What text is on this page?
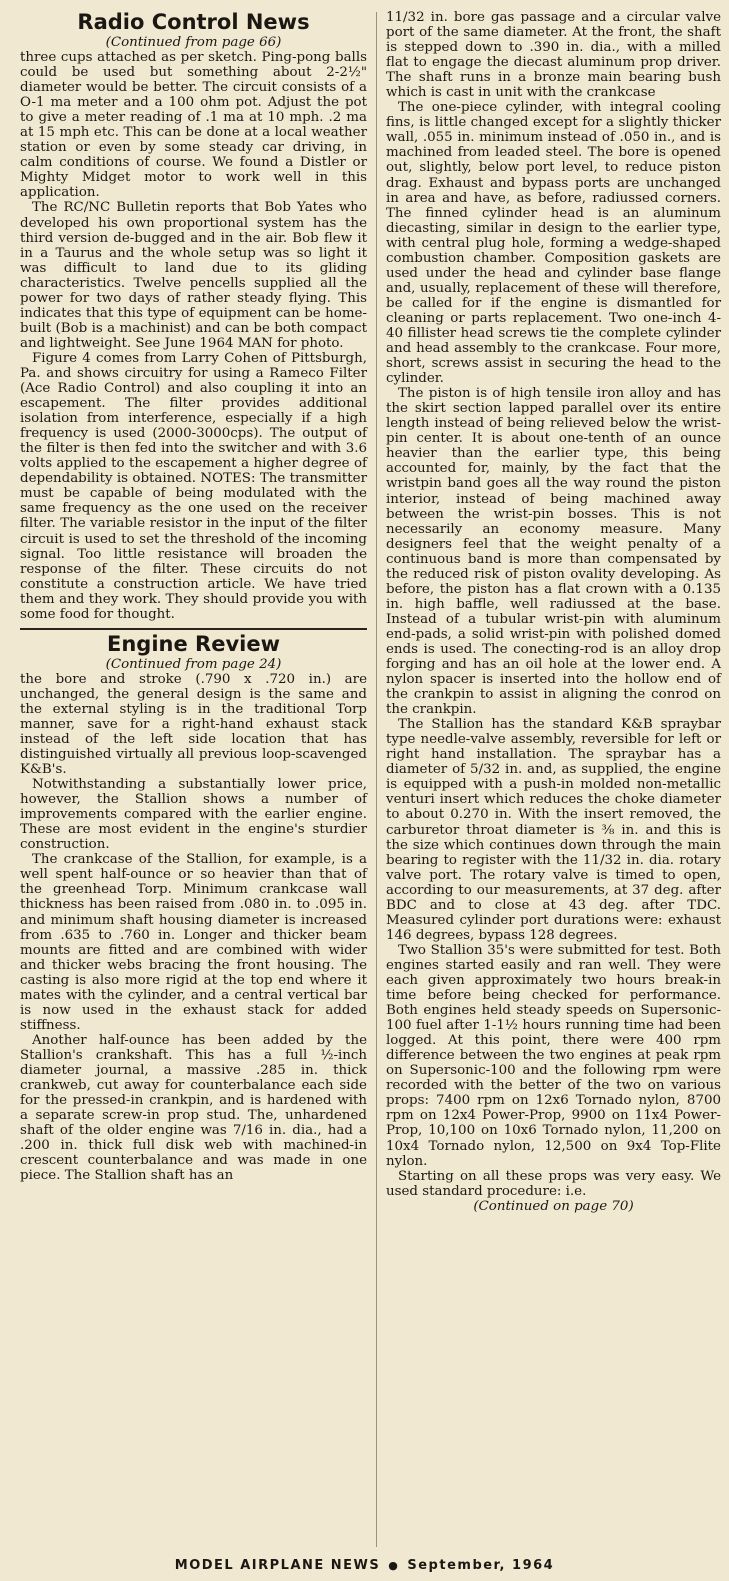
Radio Control News
(Continued from page 66)

three cups attached as per sketch. Ping-pong balls could be used but something about 2-2½" diameter would be better. The circuit consists of a O-1 ma meter and a 100 ohm pot. Adjust the pot to give a meter reading of .1 ma at 10 mph. .2 ma at 15 mph etc. This can be done at a local weather station or even by some steady car driving, in calm conditions of course. We found a Distler or Mighty Midget motor to work well in this application.

The RC/NC Bulletin reports that Bob Yates who developed his own proportional system has the third version de-bugged and in the air. Bob flew it in a Taurus and the whole setup was so light it was difficult to land due to its gliding characteristics. Twelve pencells supplied all the power for two days of rather steady flying. This indicates that this type of equipment can be home-built (Bob is a machinist) and can be both compact and lightweight. See June 1964 MAN for photo.

Figure 4 comes from Larry Cohen of Pittsburgh, Pa. and shows circuitry for using a Rameco Filter (Ace Radio Control) and also coupling it into an escapement. The filter provides additional isolation from interference, especially if a high frequency is used (2000-3000cps). The output of the filter is then fed into the switcher and with 3.6 volts applied to the escapement a higher degree of dependability is obtained. NOTES: The transmitter must be capable of being modulated with the same frequency as the one used on the receiver filter. The variable resistor in the input of the filter circuit is used to set the threshold of the incoming signal. Too little resistance will broaden the response of the filter. These circuits do not constitute a construction article. We have tried them and they work. They should provide you with some food for thought.

Engine Review
(Continued from page 24)

the bore and stroke (.790 x .720 in.) are unchanged, the general design is the same and the external styling is in the traditional Torp manner, save for a right-hand exhaust stack instead of the left side location that has distinguished virtually all previous loop-scavenged K&B's.

Notwithstanding a substantially lower price, however, the Stallion shows a number of improvements compared with the earlier engine. These are most evident in the engine's sturdier construction.

The crankcase of the Stallion, for example, is a well spent half-ounce or so heavier than that of the greenhead Torp. Minimum crankcase wall thickness has been raised from .080 in. to .095 in. and minimum shaft housing diameter is increased from .635 to .760 in. Longer and thicker beam mounts are fitted and are combined with wider and thicker webs bracing the front housing. The casting is also more rigid at the top end where it mates with the cylinder, and a central vertical bar is now used in the exhaust stack for added stiffness.

Another half-ounce has been added by the Stallion's crankshaft. This has a full ½-inch diameter journal, a massive .285 in. thick crankweb, cut away for counterbalance each side for the pressed-in crankpin, and is hardened with a separate screw-in prop stud. The, unhardened shaft of the older engine was 7/16 in. dia., had a .200 in. thick full disk web with machined-in crescent counterbalance and was made in one piece. The Stallion shaft has an

11/32 in. bore gas passage and a circular valve port of the same diameter. At the front, the shaft is stepped down to .390 in. dia., with a milled flat to engage the diecast aluminum prop driver. The shaft runs in a bronze main bearing bush which is cast in unit with the crankcase

The one-piece cylinder, with integral cooling fins, is little changed except for a slightly thicker wall, .055 in. minimum instead of .050 in., and is machined from leaded steel. The bore is opened out, slightly, below port level, to reduce piston drag. Exhaust and bypass ports are unchanged in area and have, as before, radiussed corners. The finned cylinder head is an aluminum diecasting, similar in design to the earlier type, with central plug hole, forming a wedge-shaped combustion chamber. Composition gaskets are used under the head and cylinder base flange and, usually, replacement of these will therefore, be called for if the engine is dismantled for cleaning or parts replacement. Two one-inch 4-40 fillister head screws tie the complete cylinder and head assembly to the crankcase. Four more, short, screws assist in securing the head to the cylinder.

The piston is of high tensile iron alloy and has the skirt section lapped parallel over its entire length instead of being relieved below the wrist-pin center. It is about one-tenth of an ounce heavier than the earlier type, this being accounted for, mainly, by the fact that the wristpin band goes all the way round the piston interior, instead of being machined away between the wrist-pin bosses. This is not necessarily an economy measure. Many designers feel that the weight penalty of a continuous band is more than compensated by the reduced risk of piston ovality developing. As before, the piston has a flat crown with a 0.135 in. high baffle, well radiussed at the base. Instead of a tubular wrist-pin with aluminum end-pads, a solid wrist-pin with polished domed ends is used. The conecting-rod is an alloy drop forging and has an oil hole at the lower end. A nylon spacer is inserted into the hollow end of the crankpin to assist in aligning the conrod on the crankpin.

The Stallion has the standard K&B spraybar type needle-valve assembly, reversible for left or right hand installation. The spraybar has a diameter of 5/32 in. and, as supplied, the engine is equipped with a push-in molded non-metallic venturi insert which reduces the choke diameter to about 0.270 in. With the insert removed, the carburetor throat diameter is ⅜ in. and this is the size which continues down through the main bearing to register with the 11/32 in. dia. rotary valve port. The rotary valve is timed to open, according to our measurements, at 37 deg. after BDC and to close at 43 deg. after TDC. Measured cylinder port durations were: exhaust 146 degrees, bypass 128 degrees.

Two Stallion 35's were submitted for test. Both engines started easily and ran well. They were each given approximately two hours break-in time before being checked for performance. Both engines held steady speeds on Supersonic-100 fuel after 1-1½ hours running time had been logged. At this point, there were 400 rpm difference between the two engines at peak rpm on Supersonic-100 and the following rpm were recorded with the better of the two on various props: 7400 rpm on 12x6 Tornado nylon, 8700 rpm on 12x4 Power-Prop, 9900 on 11x4 Power-Prop, 10,100 on 10x6 Tornado nylon, 11,200 on 10x4 Tornado nylon, 12,500 on 9x4 Top-Flite nylon.

Starting on all these props was very easy. We used standard procedure: i.e.

(Continued on page 70)

MODEL AIRPLANE NEWS ● September, 1964
